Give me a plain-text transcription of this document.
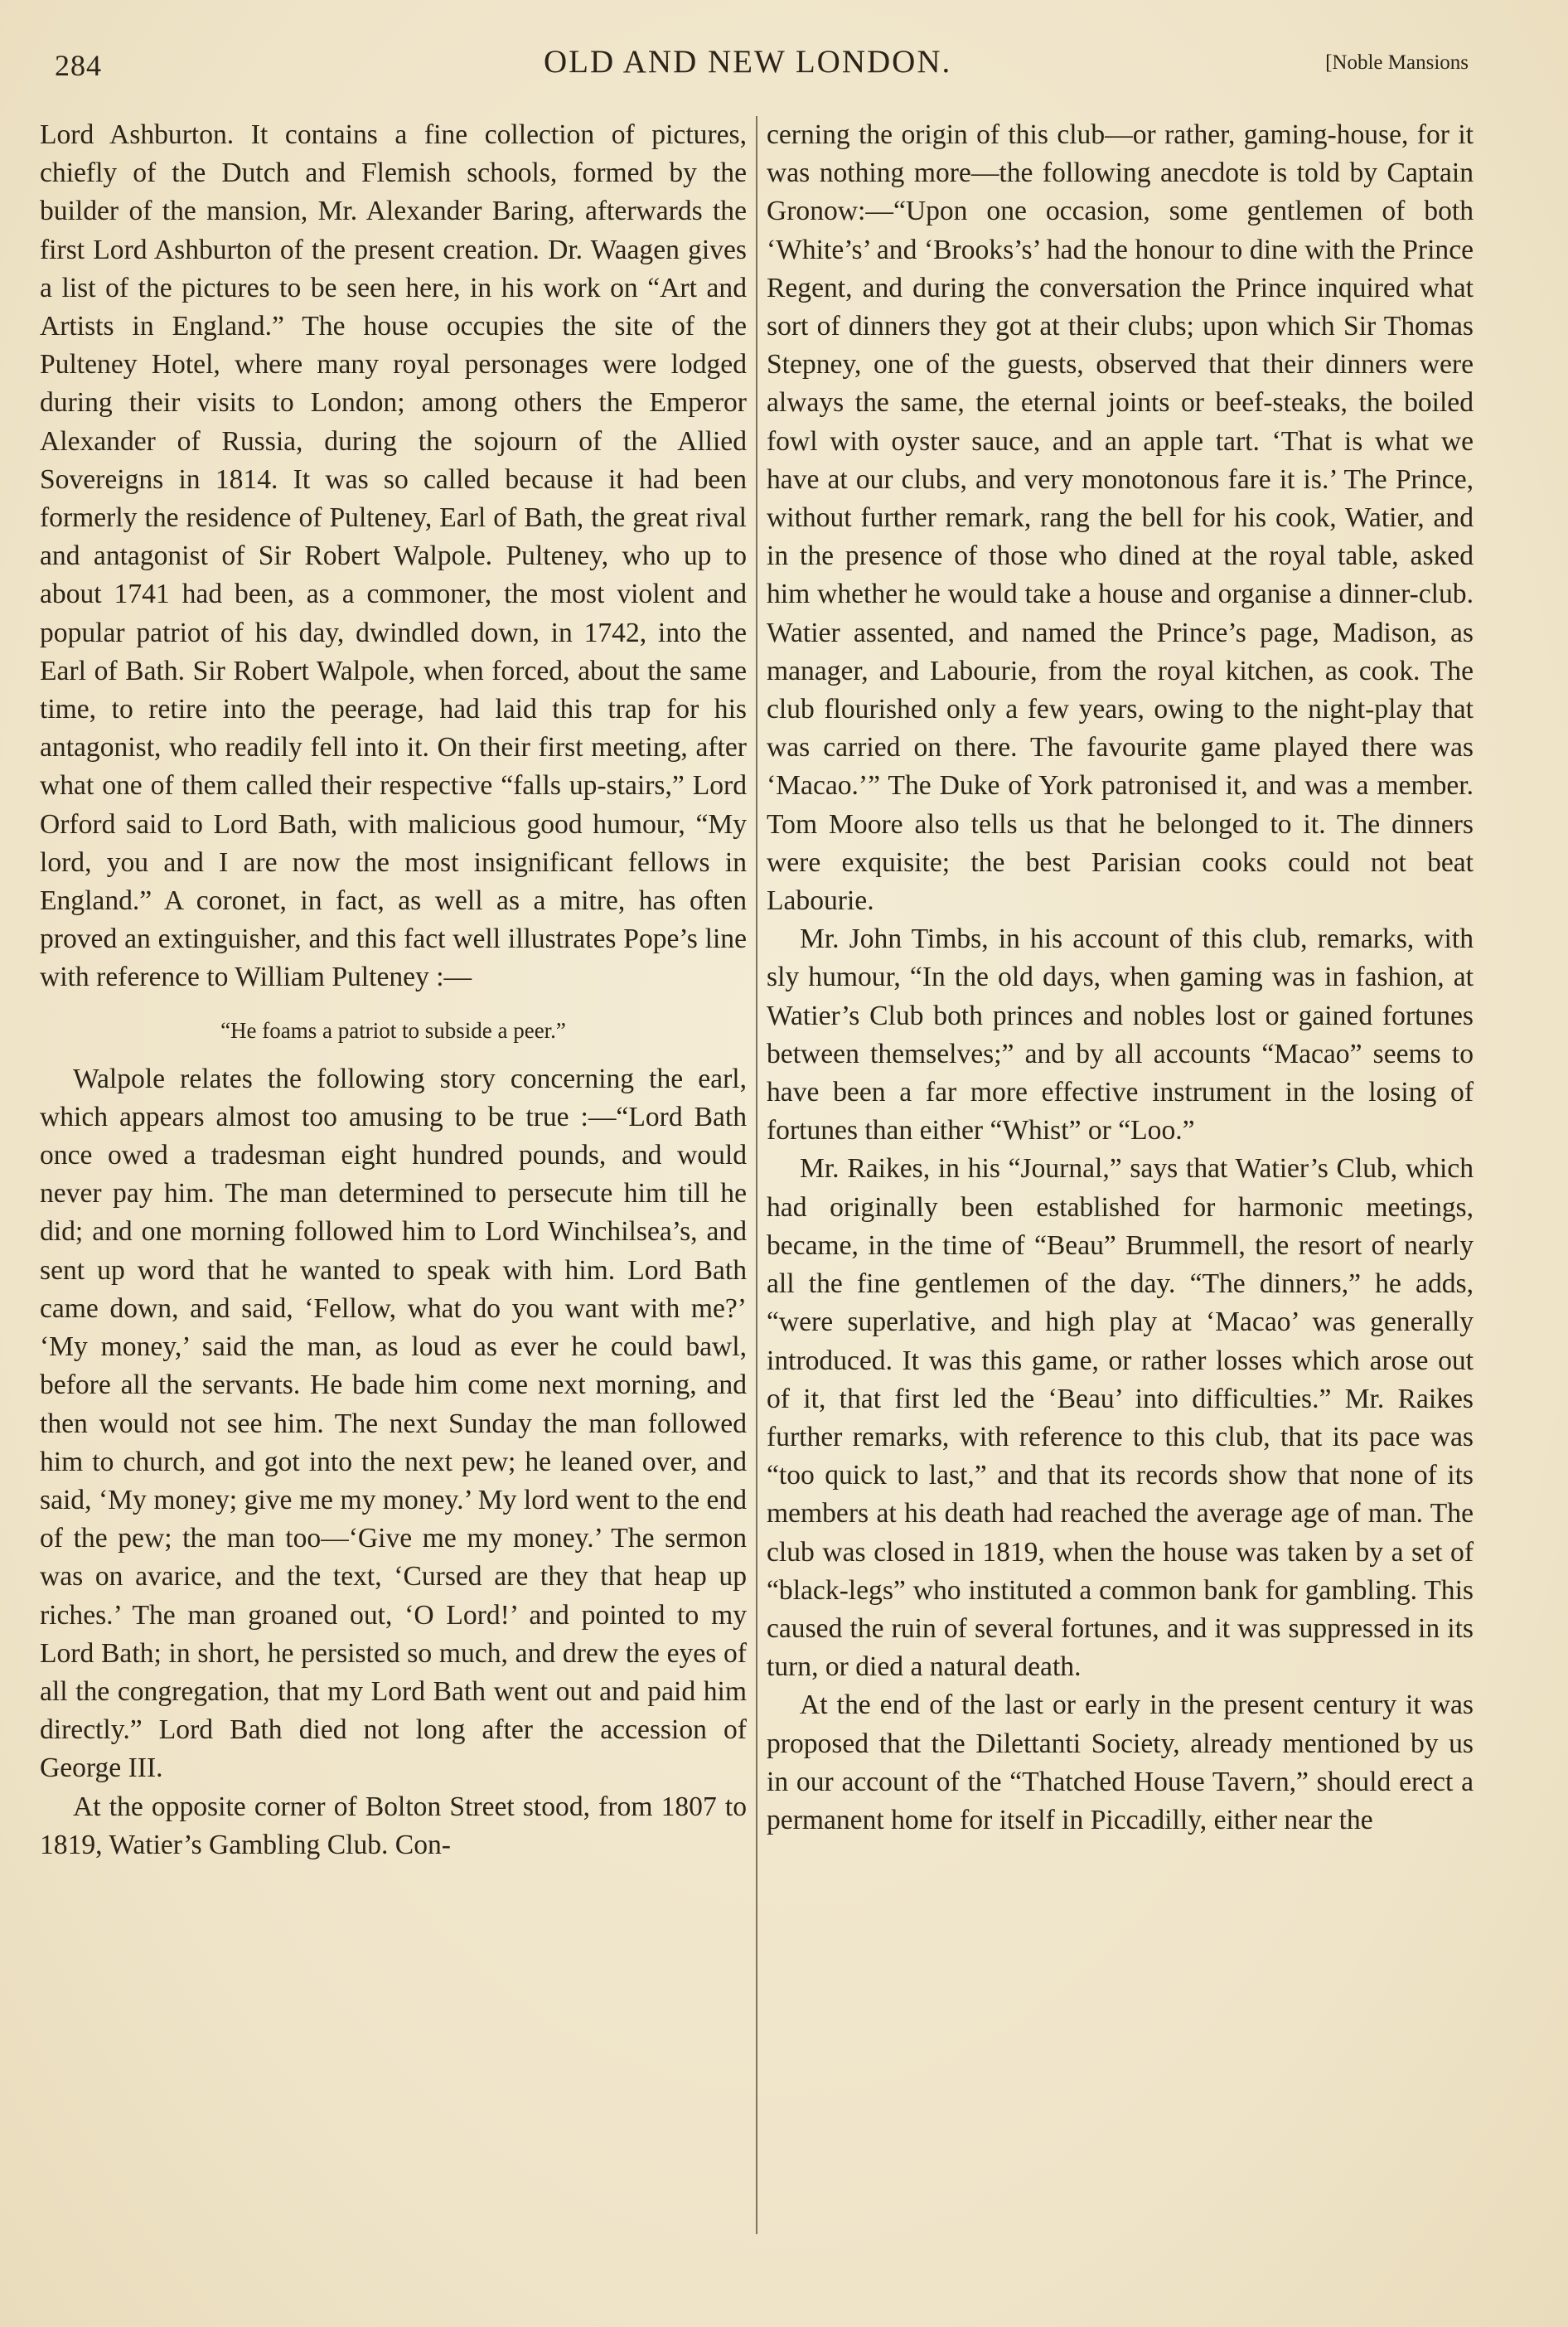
284	OLD AND NEW LONDON.	[Noble Mansions

Lord Ashburton. It contains a fine collection of pictures, chiefly of the Dutch and Flemish schools, formed by the builder of the mansion, Mr. Alexander Baring, afterwards the first Lord Ashburton of the present creation. Dr. Waagen gives a list of the pictures to be seen here, in his work on “Art and Artists in England.” The house occupies the site of the Pulteney Hotel, where many royal personages were lodged during their visits to London; among others the Emperor Alexander of Russia, during the sojourn of the Allied Sovereigns in 1814. It was so called because it had been formerly the residence of Pulteney, Earl of Bath, the great rival and antagonist of Sir Robert Walpole. Pulteney, who up to about 1741 had been, as a commoner, the most violent and popular patriot of his day, dwindled down, in 1742, into the Earl of Bath. Sir Robert Walpole, when forced, about the same time, to retire into the peerage, had laid this trap for his antagonist, who readily fell into it. On their first meeting, after what one of them called their respective “falls up-stairs,” Lord Orford said to Lord Bath, with malicious good humour, “My lord, you and I are now the most insignificant fellows in England.” A coronet, in fact, as well as a mitre, has often proved an extinguisher, and this fact well illustrates Pope’s line with reference to William Pulteney :—

“He foams a patriot to subside a peer.”

Walpole relates the following story concerning the earl, which appears almost too amusing to be true :—“Lord Bath once owed a tradesman eight hundred pounds, and would never pay him. The man determined to persecute him till he did; and one morning followed him to Lord Winchilsea’s, and sent up word that he wanted to speak with him. Lord Bath came down, and said, ‘Fellow, what do you want with me?’ ‘My money,’ said the man, as loud as ever he could bawl, before all the servants. He bade him come next morning, and then would not see him. The next Sunday the man followed him to church, and got into the next pew; he leaned over, and said, ‘My money; give me my money.’ My lord went to the end of the pew; the man too—‘Give me my money.’ The sermon was on avarice, and the text, ‘Cursed are they that heap up riches.’ The man groaned out, ‘O Lord!’ and pointed to my Lord Bath; in short, he persisted so much, and drew the eyes of all the congregation, that my Lord Bath went out and paid him directly.” Lord Bath died not long after the accession of George III.

At the opposite corner of Bolton Street stood, from 1807 to 1819, Watier’s Gambling Club. Con-

cerning the origin of this club—or rather, gaming-house, for it was nothing more—the following anecdote is told by Captain Gronow:—“Upon one occasion, some gentlemen of both ‘White’s’ and ‘Brooks’s’ had the honour to dine with the Prince Regent, and during the conversation the Prince inquired what sort of dinners they got at their clubs; upon which Sir Thomas Stepney, one of the guests, observed that their dinners were always the same, the eternal joints or beef-steaks, the boiled fowl with oyster sauce, and an apple tart. ‘That is what we have at our clubs, and very monotonous fare it is.’ The Prince, without further remark, rang the bell for his cook, Watier, and in the presence of those who dined at the royal table, asked him whether he would take a house and organise a dinner-club. Watier assented, and named the Prince’s page, Madison, as manager, and Labourie, from the royal kitchen, as cook. The club flourished only a few years, owing to the night-play that was carried on there. The favourite game played there was ‘Macao.’” The Duke of York patronised it, and was a member. Tom Moore also tells us that he belonged to it. The dinners were exquisite; the best Parisian cooks could not beat Labourie.

Mr. John Timbs, in his account of this club, remarks, with sly humour, “In the old days, when gaming was in fashion, at Watier’s Club both princes and nobles lost or gained fortunes between themselves;” and by all accounts “Macao” seems to have been a far more effective instrument in the losing of fortunes than either “Whist” or “Loo.”

Mr. Raikes, in his “Journal,” says that Watier’s Club, which had originally been established for harmonic meetings, became, in the time of “Beau” Brummell, the resort of nearly all the fine gentlemen of the day. “The dinners,” he adds, “were superlative, and high play at ‘Macao’ was generally introduced. It was this game, or rather losses which arose out of it, that first led the ‘Beau’ into difficulties.” Mr. Raikes further remarks, with reference to this club, that its pace was “too quick to last,” and that its records show that none of its members at his death had reached the average age of man. The club was closed in 1819, when the house was taken by a set of “black-legs” who instituted a common bank for gambling. This caused the ruin of several fortunes, and it was suppressed in its turn, or died a natural death.

At the end of the last or early in the present century it was proposed that the Dilettanti Society, already mentioned by us in our account of the “Thatched House Tavern,” should erect a permanent home for itself in Piccadilly, either near the
